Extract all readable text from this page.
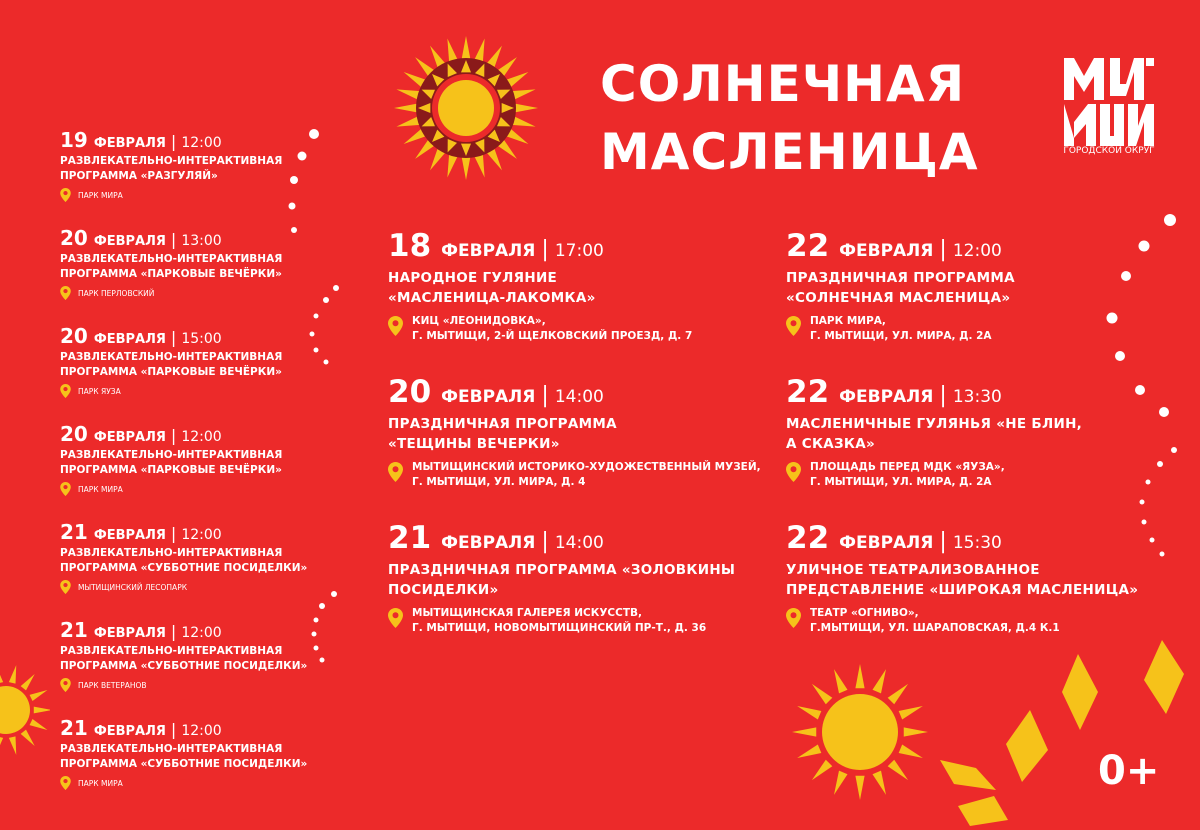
СОЛНЕЧНАЯ
МАСЛЕНИЦА	ГОРОДСКОЙ ОКРУГ
19 ФЕВРАЛЯ | 12:00
РАЗВЛЕКАТЕЛЬНО-ИНТЕРАКТИВНАЯ ПРОГРАММА «РАЗГУЛЯЙ»
ПАРК МИРА
20 ФЕВРАЛЯ | 13:00
РАЗВЛЕКАТЕЛЬНО-ИНТЕРАКТИВНАЯ ПРОГРАММА «ПАРКОВЫЕ ВЕЧЁРКИ»
ПАРК ПЕРЛОВСКИЙ
20 ФЕВРАЛЯ | 15:00
РАЗВЛЕКАТЕЛЬНО-ИНТЕРАКТИВНАЯ ПРОГРАММА «ПАРКОВЫЕ ВЕЧЁРКИ»
ПАРК ЯУЗА
20 ФЕВРАЛЯ | 12:00
РАЗВЛЕКАТЕЛЬНО-ИНТЕРАКТИВНАЯ ПРОГРАММА «ПАРКОВЫЕ ВЕЧЁРКИ»
ПАРК МИРА
21 ФЕВРАЛЯ | 12:00
РАЗВЛЕКАТЕЛЬНО-ИНТЕРАКТИВНАЯ ПРОГРАММА «СУББОТНИЕ ПОСИДЕЛКИ»
МЫТИЩИНСКИЙ ЛЕСОПАРК
21 ФЕВРАЛЯ | 12:00
РАЗВЛЕКАТЕЛЬНО-ИНТЕРАКТИВНАЯ ПРОГРАММА «СУББОТНИЕ ПОСИДЕЛКИ»
ПАРК ВЕТЕРАНОВ
21 ФЕВРАЛЯ | 12:00
РАЗВЛЕКАТЕЛЬНО-ИНТЕРАКТИВНАЯ ПРОГРАММА «СУББОТНИЕ ПОСИДЕЛКИ»
ПАРК МИРА
18 ФЕВРАЛЯ | 17:00
НАРОДНОЕ ГУЛЯНИЕ
«МАСЛЕНИЦА-ЛАКОМКА»
КИЦ «ЛЕОНИДОВКА»,
Г. МЫТИЩИ, 2-Й ЩЕЛКОВСКИЙ ПРОЕЗД, Д. 7
20 ФЕВРАЛЯ | 14:00
ПРАЗДНИЧНАЯ ПРОГРАММА
«ТЕЩИНЫ ВЕЧЕРКИ»
МЫТИЩИНСКИЙ ИСТОРИКО-ХУДОЖЕСТВЕННЫЙ МУЗЕЙ,
Г. МЫТИЩИ, УЛ. МИРА, Д. 4
21 ФЕВРАЛЯ | 14:00
ПРАЗДНИЧНАЯ ПРОГРАММА «ЗОЛОВКИНЫ
ПОСИДЕЛКИ»
МЫТИЩИНСКАЯ ГАЛЕРЕЯ ИСКУССТВ,
Г. МЫТИЩИ, НОВОМЫТИЩИНСКИЙ ПР-Т., Д. 36
22 ФЕВРАЛЯ | 12:00
ПРАЗДНИЧНАЯ ПРОГРАММА
«СОЛНЕЧНАЯ МАСЛЕНИЦА»
ПАРК МИРА,
Г. МЫТИЩИ, УЛ. МИРА, Д. 2А
22 ФЕВРАЛЯ | 13:30
МАСЛЕНИЧНЫЕ ГУЛЯНЬЯ «НЕ БЛИН,
А СКАЗКА»
ПЛОЩАДЬ ПЕРЕД МДК «ЯУЗА»,
Г. МЫТИЩИ, УЛ. МИРА, Д. 2А
22 ФЕВРАЛЯ | 15:30
УЛИЧНОЕ ТЕАТРАЛИЗОВАННОЕ
ПРЕДСТАВЛЕНИЕ «ШИРОКАЯ МАСЛЕНИЦА»
ТЕАТР «ОГНИВО»,
Г.МЫТИЩИ, УЛ. ШАРАПОВСКАЯ, Д.4 К.1
0+
